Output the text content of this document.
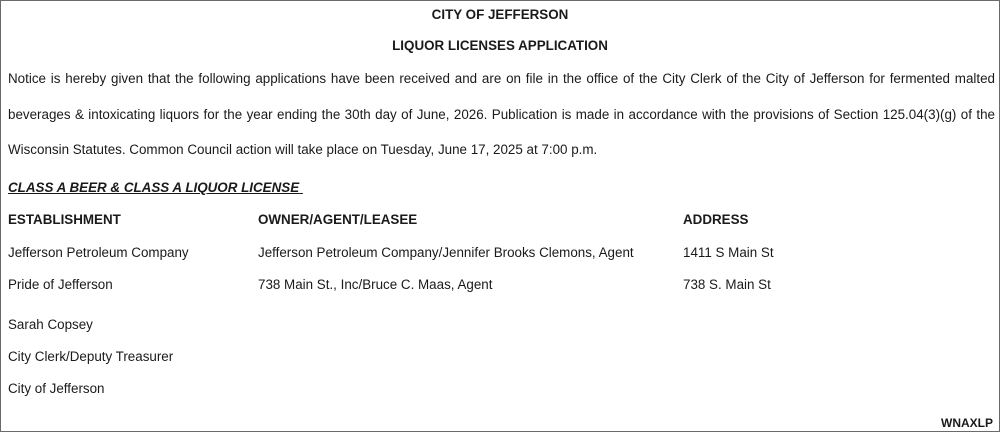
CITY OF JEFFERSON
LIQUOR LICENSES APPLICATION
Notice is hereby given that the following applications have been received and are on file in the office of the City Clerk of the City of Jefferson for fermented malted
beverages & intoxicating liquors for the year ending the 30th day of June, 2026. Publication is made in accordance with the provisions of Section 125.04(3)(g) of the
Wisconsin Statutes. Common Council action will take place on Tuesday, June 17, 2025 at 7:00 p.m.
CLASS A BEER & CLASS A LIQUOR LICENSE
ESTABLISHMENT	OWNER/AGENT/LEASEE	ADDRESS
Jefferson Petroleum Company	Jefferson Petroleum Company/Jennifer Brooks Clemons, Agent	1411 S Main St
Pride of Jefferson	738 Main St., Inc/Bruce C. Maas, Agent	738 S. Main St
Sarah Copsey
City Clerk/Deputy Treasurer
City of Jefferson
WNAXLP
